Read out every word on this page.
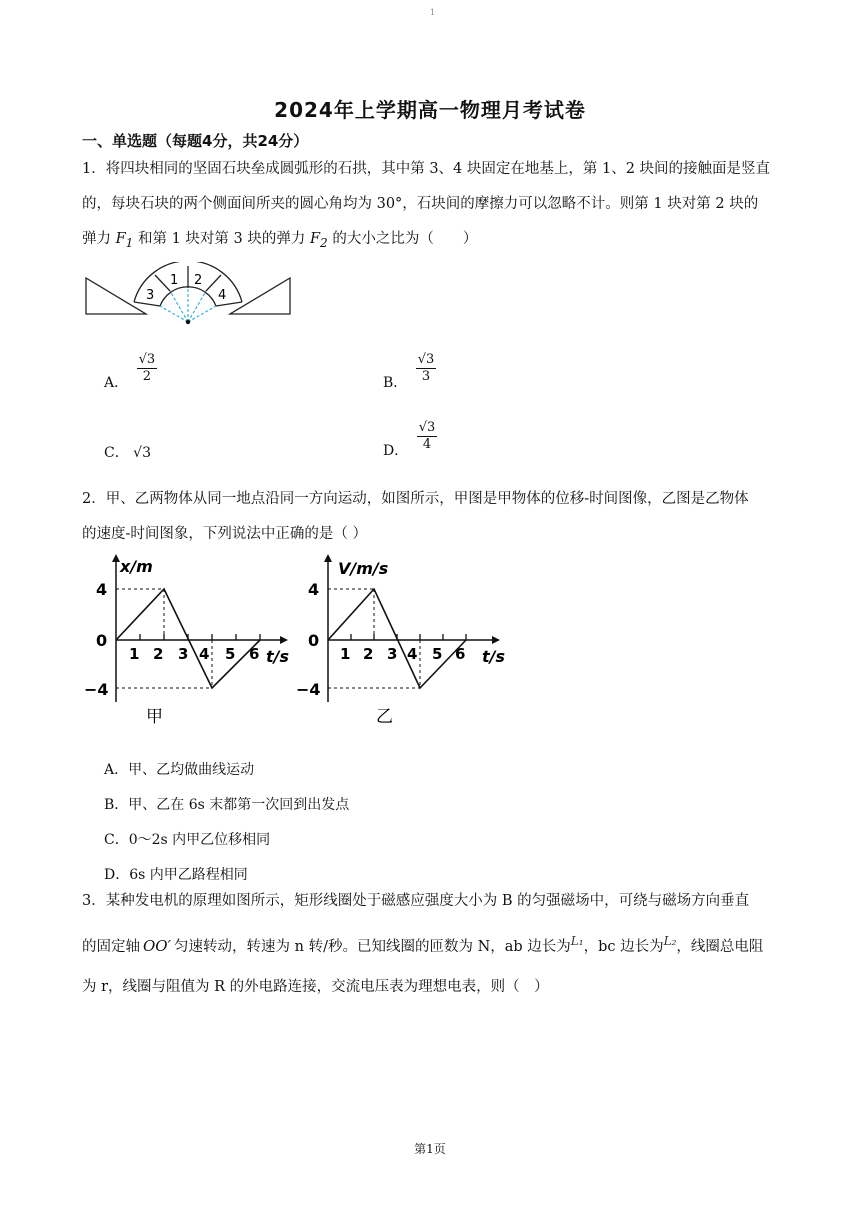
1
2024年上学期高一物理月考试卷
一、单选题（每题4分，共24分）
1．将四块相同的坚固石块垒成圆弧形的石拱，其中第 3、4 块固定在地基上，第 1、2 块间的接触面是竖直
的，每块石块的两个侧面间所夹的圆心角均为 30°，石块间的摩擦力可以忽略不计。则第 1 块对第 2 块的
弹力 $F_1$ 和第 1 块对第 3 块的弹力 $F_2$ 的大小之比为（　　）
3
1 2
4
A． $\frac{√3}{2}$	B． $\frac{√3}{3}$
C． √3	D． $\frac{√3}{4}$
2．甲、乙两物体从同一地点沿同一方向运动，如图所示，甲图是甲物体的位移-时间图像，乙图是乙物体
的速度-时间图象，下列说法中正确的是（ ）
x/m
4
0
−4
1 2 3 4 5 6 t/s
甲
V/m/s
4
0
−4
1 2 3 4 5 6 t/s
乙
A．甲、乙均做曲线运动
B．甲、乙在 6s 末都第一次回到出发点
C．0～2s 内甲乙位移相同
D．6s 内甲乙路程相同
3．某种发电机的原理如图所示，矩形线圈处于磁感应强度大小为 B 的匀强磁场中，可绕与磁场方向垂直
的固定轴 OO′ 匀速转动，转速为 n 转/秒。已知线圈的匝数为 N，ab 边长为$^{L_1}$，bc 边长为$^{L_2}$，线圈总电阻
为 r，线圈与阻值为 R 的外电路连接，交流电压表为理想电表，则（　）
第1页
